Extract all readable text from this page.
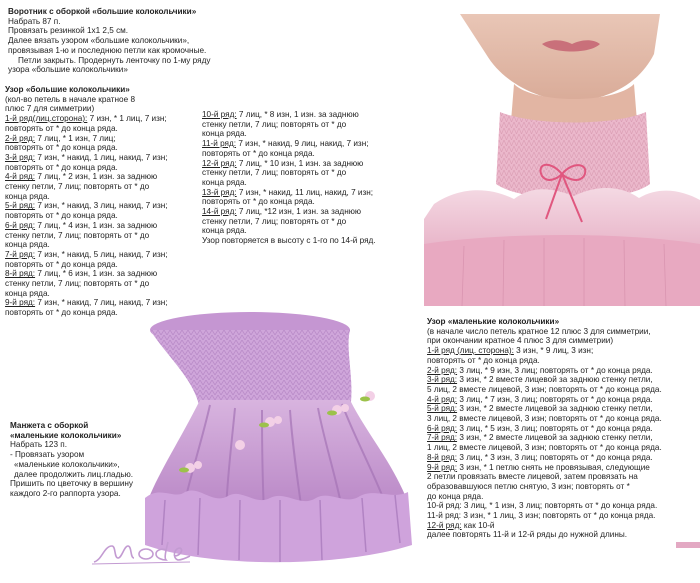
Воротник с оборкой «большие колокольчики»

Набрать 87 п.

Провязать резинкой 1х1 2,5 см.

Далее вязать узором «большие колокольчики»,

провязывая 1-ю и последнюю петли как кромочные.

Петли закрыть. Продернуть ленточку по 1-му ряду

узора «большие колокольчики»

Узор «большие колокольчики»

(кол-во петель в начале кратное 8

плюс 7 для симметрии)

1-й ряд(лиц.сторона): 7 изн, * 1 лиц, 7 изн;

повторять от * до конца ряда.

2-й ряд: 7 лиц, * 1 изн, 7 лиц;

повторять от * до конца ряда.

3-й ряд: 7 изн, * накид, 1 лиц, накид, 7 изн;

повторять от * до конца ряда.

4-й ряд: 7 лиц, * 2 изн, 1 изн. за заднюю

стенку петли, 7 лиц; повторять от * до

конца ряда.

5-й ряд: 7 изн, * накид, 3 лиц, накид, 7 изн;

повторять от * до конца ряда.

6-й ряд: 7 лиц, * 4 изн, 1 изн. за заднюю

стенку петли, 7 лиц; повторять от * до

конца ряда.

7-й ряд: 7 изн, * накид, 5 лиц, накид, 7 изн;

повторять от * до конца ряда.

8-й ряд: 7 лиц, * 6 изн, 1 изн. за заднюю

стенку петли, 7 лиц; повторять от * до

конца ряда.

9-й ряд: 7 изн, * накид, 7 лиц, накид, 7 изн;

повторять от * до конца ряда.

10-й ряд: 7 лиц, * 8 изн, 1 изн. за заднюю

стенку петли, 7 лиц; повторять от * до

конца ряда.

11-й ряд: 7 изн, * накид, 9 лиц, накид, 7 изн;

повторять от * до конца ряда.

12-й ряд: 7 лиц, * 10 изн, 1 изн. за заднюю

стенку петли, 7 лиц; повторять от * до

конца ряда.

13-й ряд: 7 изн, * накид, 11 лиц, накид, 7 изн;

повторять от * до конца ряда.

14-й ряд: 7 лиц, *12 изн, 1 изн. за заднюю

стенку петли, 7 лиц; повторять от * до

конца ряда.

Узор повторяется в высоту с 1-го по 14-й ряд.

Узор «маленькие колокольчики»

(в начале число петель кратное 12 плюс 3 для симметрии,

при окончании кратное 4 плюс 3 для симметрии)

1-й ряд (лиц. сторона): 3 изн, * 9 лиц, 3 изн;

повторять от * до конца ряда.

2-й ряд: 3 лиц, * 9 изн, 3 лиц; повторять от * до конца ряда.

3-й ряд: 3 изн, * 2 вместе лицевой за заднюю стенку петли,

5 лиц, 2 вместе лицевой, 3 изн; повторять от * до конца ряда.

4-й ряд: 3 лиц, * 7 изн, 3 лиц; повторять от * до конца ряда.

5-й ряд: 3 изн, * 2 вместе лицевой за заднюю стенку петли,

3 лиц, 2 вместе лицевой, 3 изн; повторять от * до конца ряда.

6-й ряд: 3 лиц, * 5 изн, 3 лиц; повторять от * до конца ряда.

7-й ряд: 3 изн, * 2 вместе лицевой за заднюю стенку петли,

1 лиц, 2 вместе лицевой, 3 изн; повторять от * до конца ряда.

8-й ряд: 3 лиц, * 3 изн, 3 лиц; повторять от * до конца ряда.

9-й ряд: 3 изн, * 1 петлю снять не провязывая, следующие

2 петли провязать вместе лицевой, затем провязать на

образовавшуюся петлю снятую, 3 изн; повторять от *

до конца ряда.

10-й ряд: 3 лиц, * 1 изн, 3 лиц; повторять от * до конца ряда.

11-й ряд: 3 изн, * 1 лиц, 3 изн; повторять от * до конца ряда.

12-й ряд: как 10-й

далее повторять 11-й и 12-й ряды до нужной длины.

Манжета с оборкой

«маленькие колокольчики»

Набрать 123 п.

- Провязать узором

«маленькие колокольчики»,

далее продолжить лиц.гладью.

Пришить по цветочку в вершину

каждого 2-го раппорта узора.
